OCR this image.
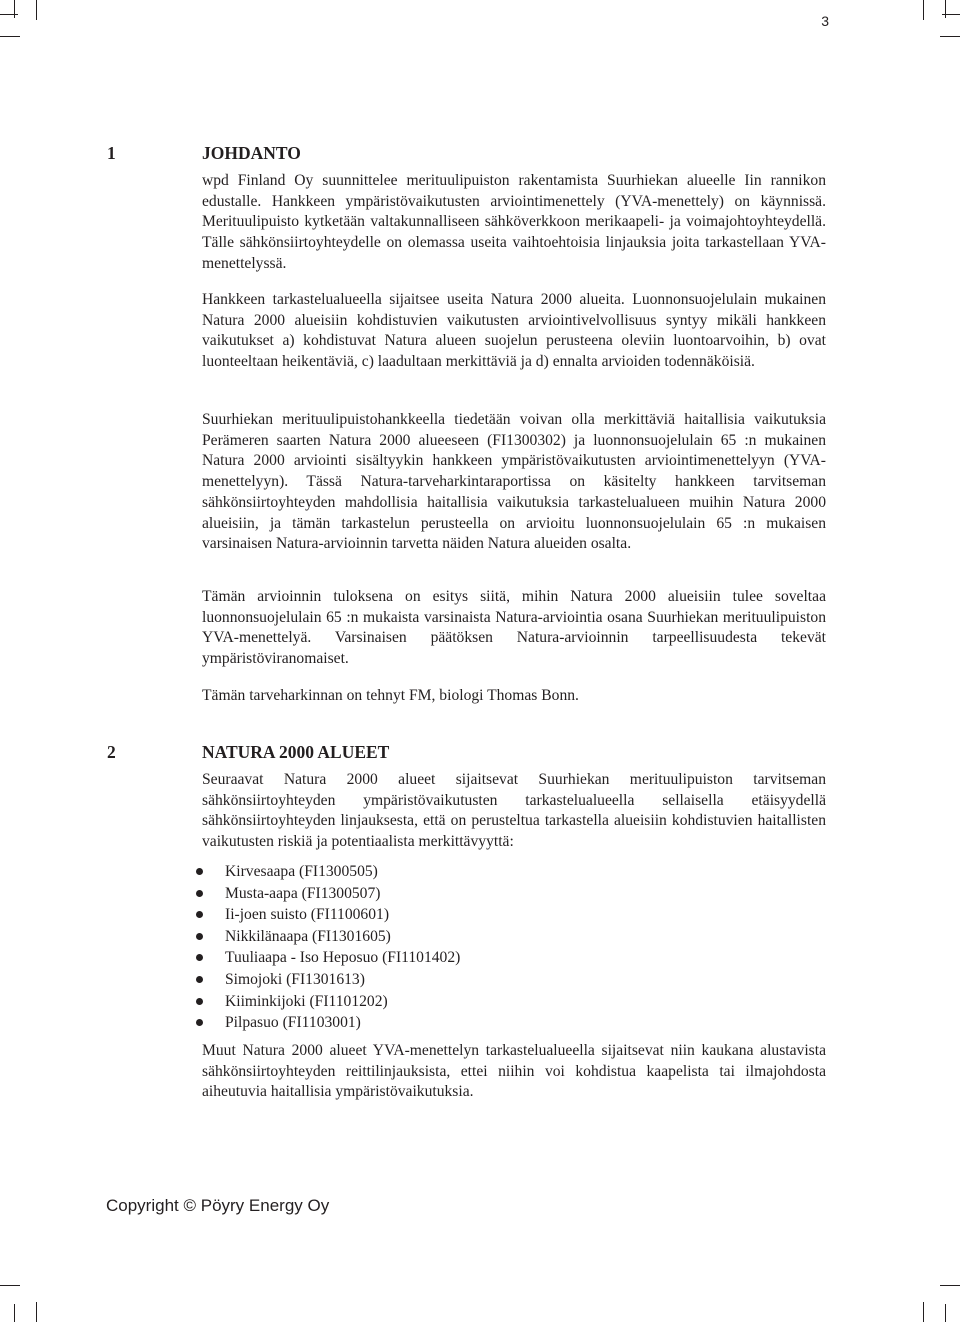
3
1	JOHDANTO

wpd Finland Oy suunnittelee merituulipuiston rakentamista Suurhiekan alueelle Iin rannikon edustalle. Hankkeen ympäristövaikutusten arviointimenettely (YVA-menettely) on käynnissä. Merituulipuisto kytketään valtakunnalliseen sähköverkkoon merikaapeli- ja voimajohtoyhteydellä. Tälle sähkönsiirtoyhteydelle on olemassa useita vaihtoehtoisia linjauksia joita tarkastellaan YVA-menettelyssä.

Hankkeen tarkastelualueella sijaitsee useita Natura 2000 alueita. Luonnonsuojelulain mukainen Natura 2000 alueisiin kohdistuvien vaikutusten arviointivelvollisuus syntyy mikäli hankkeen vaikutukset a) kohdistuvat Natura alueen suojelun perusteena oleviin luontoarvoihin, b) ovat luonteeltaan heikentäviä, c) laadultaan merkittäviä ja d) ennalta arvioiden todennäköisiä.

Suurhiekan merituulipuistohankkeella tiedetään voivan olla merkittäviä haitallisia vaikutuksia Perämeren saarten Natura 2000 alueeseen (FI1300302) ja luonnonsuojelulain 65 :n mukainen Natura 2000 arviointi sisältyykin hankkeen ympäristövaikutusten arviointimenettelyyn (YVA-menettelyyn). Tässä Natura-tarveharkintaraportissa on käsitelty hankkeen tarvitseman sähkönsiirtoyhteyden mahdollisia haitallisia vaikutuksia tarkastelualueen muihin Natura 2000 alueisiin, ja tämän tarkastelun perusteella on arvioitu luonnonsuojelulain 65 :n mukaisen varsinaisen Natura-arvioinnin tarvetta näiden Natura alueiden osalta.

Tämän arvioinnin tuloksena on esitys siitä, mihin Natura 2000 alueisiin tulee soveltaa luonnonsuojelulain 65 :n mukaista varsinaista Natura-arviointia osana Suurhiekan merituulipuiston YVA-menettelyä. Varsinaisen päätöksen Natura-arvioinnin tarpeellisuudesta tekevät ympäristöviranomaiset.

Tämän tarveharkinnan on tehnyt FM, biologi Thomas Bonn.

2	NATURA 2000 ALUEET

Seuraavat Natura 2000 alueet sijaitsevat Suurhiekan merituulipuiston tarvitseman sähkönsiirtoyhteyden ympäristövaikutusten tarkastelualueella sellaisella etäisyydellä sähkönsiirtoyhteyden linjauksesta, että on perusteltua tarkastella alueisiin kohdistuvien haitallisten vaikutusten riskiä ja potentiaalista merkittävyyttä:

Kirvesaapa (FI1300505)
Musta-aapa (FI1300507)
Ii-joen suisto (FI1100601)
Nikkilänaapa (FI1301605)
Tuuliaapa - Iso Heposuo (FI1101402)
Simojoki (FI1301613)
Kiiminkijoki (FI1101202)
Pilpasuo (FI1103001)

Muut Natura 2000 alueet YVA-menettelyn tarkastelualueella sijaitsevat niin kaukana alustavista sähkönsiirtoyhteyden reittilinjauksista, ettei niihin voi kohdistua kaapelista tai ilmajohdosta aiheutuvia haitallisia ympäristövaikutuksia.

Copyright © Pöyry Energy Oy
